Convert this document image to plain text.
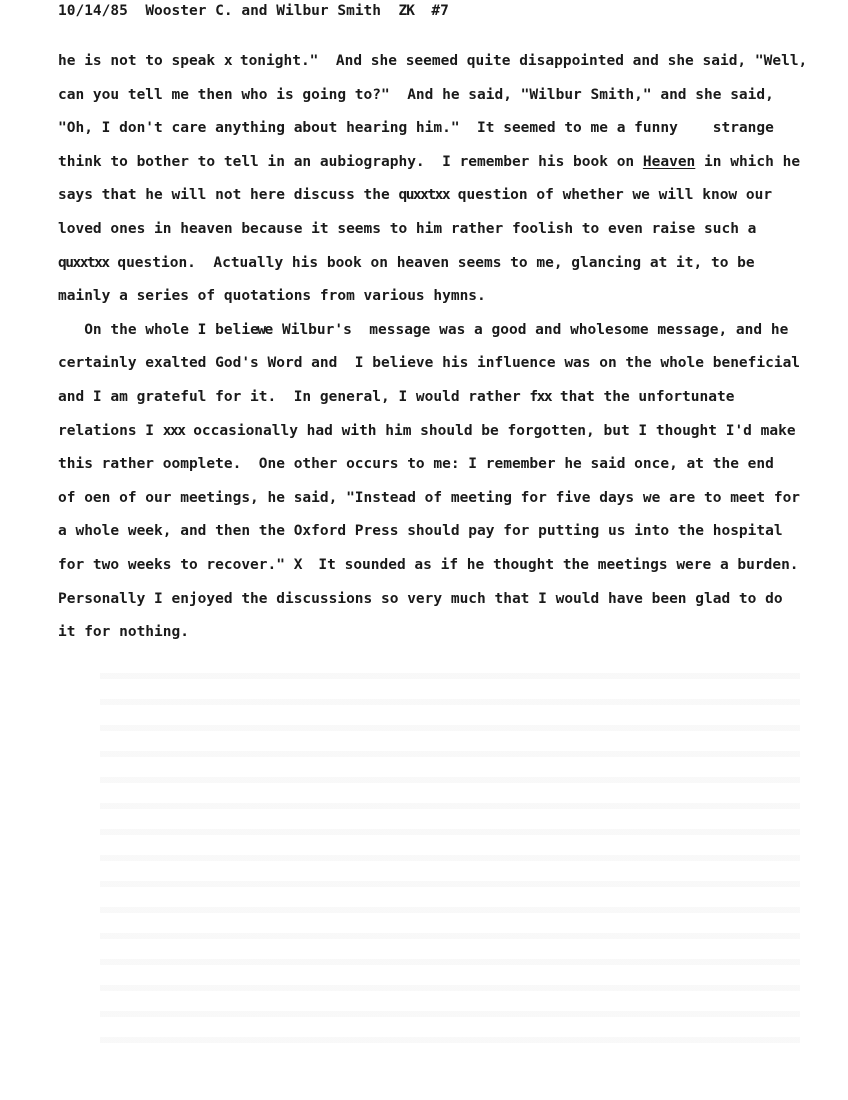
10/14/85 Wooster C. and Wilbur Smith ZK #7
he is not to speak x tonight."  And she seemed quite disappointed and she said, "Well,
can you tell me then who is going to?"  And he said, "Wilbur Smith," and she said,
"Oh, I don't care anything about hearing him."  It seemed to me a funny    strange
think to bother to tell in an aubiography.  I remember his book on Heaven in which he
says that he will not here discuss the quxxtxx question of whether we will know our
loved ones in heaven because it seems to him rather foolish to even raise such a
quxxtxx question.  Actually his book on heaven seems to me, glancing at it, to be
mainly a series of quotations from various hymns.
On the whole I beliewe Wilbur's  message was a good and wholesome message, and he
certainly exalted God's Word and  I believe his influence was on the whole beneficial
and I am grateful for it.  In general, I would rather fxx that the unfortunate
relations I xxx occasionally had with him should be forgotten, but I thought I'd make
this rather oomplete.  One other occurs to me: I remember he said once, at the end
of oen of our meetings, he said, "Instead of meeting for five days we are to meet for
a whole week, and then the Oxford Press should pay for putting us into the hospital
for two weeks to recover." X  It sounded as if he thought the meetings were a burden.
Personally I enjoyed the discussions so very much that I would have been glad to do
it for nothing.
